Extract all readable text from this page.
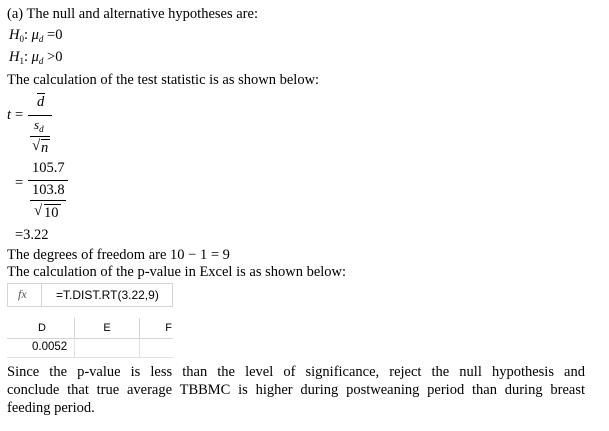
(a) The null and alternative hypotheses are:
$H_0$: $\mu_d =0$
$H_1$: $\mu_d >0$
The calculation of the test statistic is as shown below:
t =
d
$s_d$
√ n
=
105.7
103.8
√ 10
=3.22
The degrees of freedom are 10 − 1 = 9
The calculation of the p-value in Excel is as shown below:
fx =T.DIST.RT(3.22,9)
D	E	F
0.0052
Since the p-value is less than the level of significance, reject the null hypothesis and
conclude that true average TBBMC is higher during postweaning period than during breast
feeding period.
